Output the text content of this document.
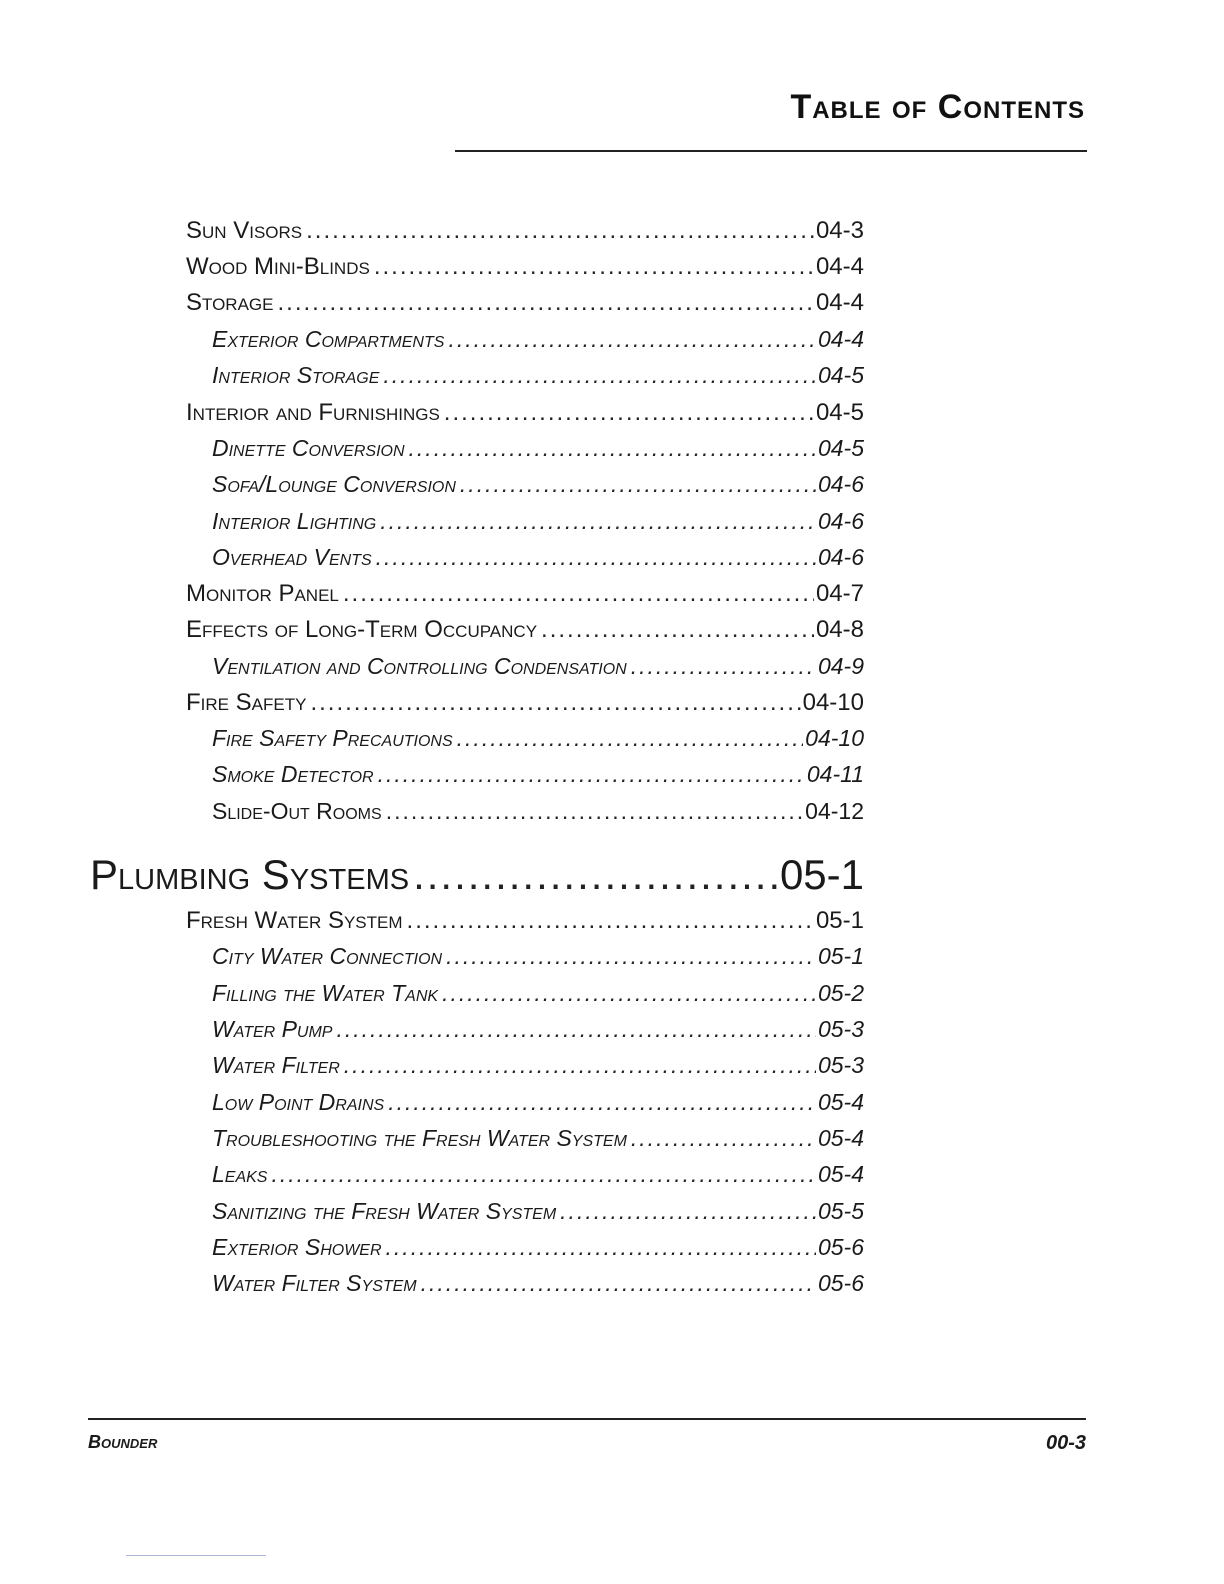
Table of Contents
Sun Visors .....	04-3
Wood Mini-Blinds .....	04-4
Storage .....	04-4
Exterior Compartments .....	04-4
Interior Storage .....	04-5
Interior and Furnishings .....	04-5
Dinette Conversion .....	04-5
Sofa/Lounge Conversion .....	04-6
Interior Lighting .....	04-6
Overhead Vents .....	04-6
Monitor Panel .....	04-7
Effects of Long-Term Occupancy .....	04-8
Ventilation and Controlling Condensation .....	04-9
Fire Safety .....	04-10
Fire Safety Precautions .....	04-10
Smoke Detector .....	04-11
Slide-Out Rooms .....	04-12
Plumbing Systems .....	05-1
Fresh Water System .....	05-1
City Water Connection .....	05-1
Filling the Water Tank .....	05-2
Water Pump .....	05-3
Water Filter .....	05-3
Low Point Drains .....	05-4
Troubleshooting the Fresh Water System .....	05-4
Leaks .....	05-4
Sanitizing the Fresh Water System .....	05-5
Exterior Shower .....	05-6
Water Filter System .....	05-6
Bounder	00-3
